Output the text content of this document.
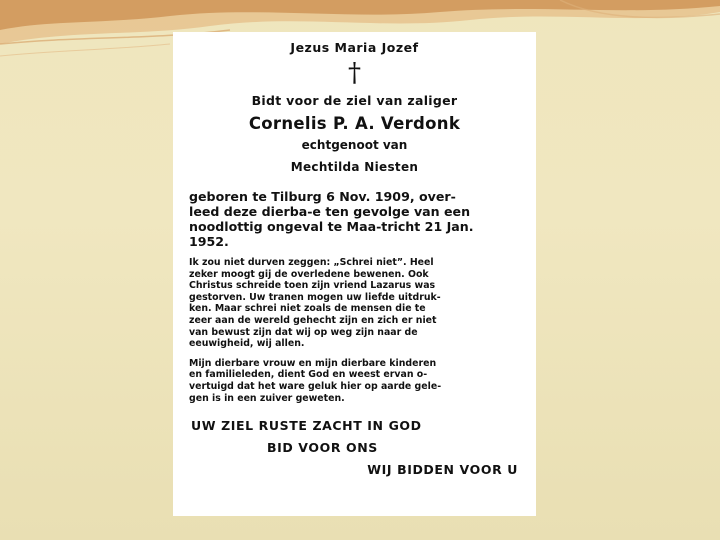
Jezus Maria Jozef
†
Bidt voor de ziel van zaliger
Cornelis P. A. Verdonk
echtgenoot van
Mechtilda Niesten
geboren te Tilburg 6 Nov. 1909, over-
leed deze dierba-e ten gevolge van een
noodlottig ongeval te Maa-tricht 21 Jan.
1952.
Ik zou niet durven zeggen: „Schrei niet”. Heel
zeker moogt gij de overledene bewenen. Ook
Christus schreide toen zijn vriend Lazarus was
gestorven. Uw tranen mogen uw liefde uitdruk-
ken. Maar schrei niet zoals de mensen die te
zeer aan de wereld gehecht zijn en zich er niet
van bewust zijn dat wij op weg zijn naar de
eeuwigheid, wij allen.
Mijn dierbare vrouw en mijn dierbare kinderen
en familieleden, dient God en weest ervan o-
vertuigd dat het ware geluk hier op aarde gele-
gen is in een zuiver geweten.
UW ZIEL RUSTE ZACHT IN GOD
BID VOOR ONS
WIJ BIDDEN VOOR U
